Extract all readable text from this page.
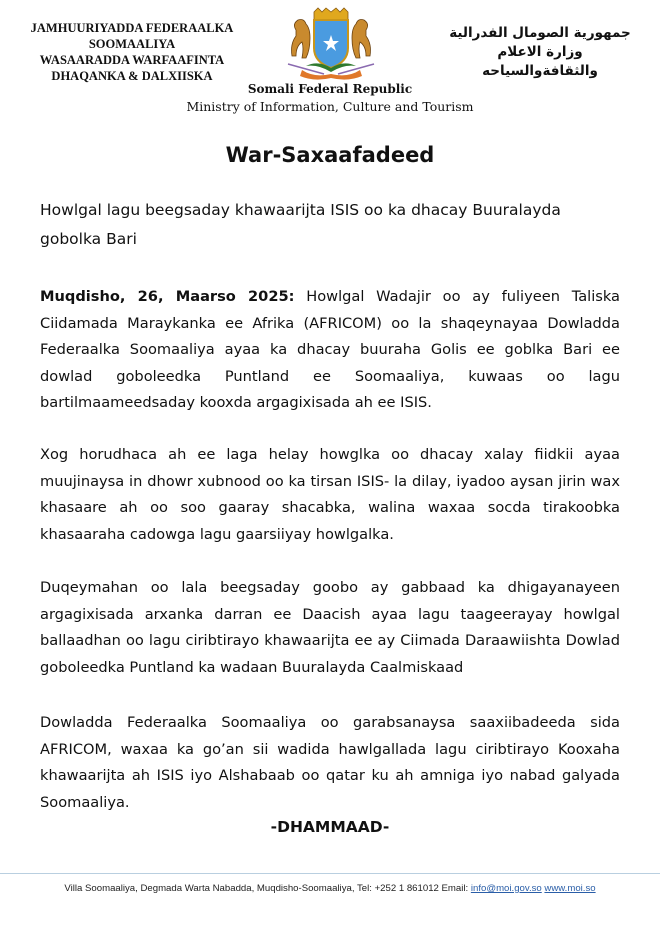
JAMHUURIYADDA FEDERAALKA
SOOMAALIYA
WASAARADDA WARFAAFINTA
DHAQANKA & DALXIISKA
جمهورية الصومال الفدرالية
وزارة الاعلام
والثقافةوالسياحه
Somali Federal Republic
Ministry of Information, Culture and Tourism
War-Saxaafadeed
Howlgal lagu beegsaday khawaarijta ISIS oo ka dhacay Buuralayda gobolka Bari
Muqdisho, 26, Maarso 2025: Howlgal Wadajir oo ay fuliyeen Taliska Ciidamada Maraykanka ee Afrika (AFRICOM) oo la shaqeynayaa Dowladda Federaalka Soomaaliya ayaa ka dhacay buuraha Golis ee goblka Bari ee dowlad goboleedka Puntland ee Soomaaliya, kuwaas oo lagu bartilmaameedsaday kooxda argagixisada ah ee ISIS.
Xog horudhaca ah ee laga helay howglka oo dhacay xalay fiidkii ayaa muujinaysa in dhowr xubnood oo ka tirsan ISIS- la dilay, iyadoo aysan jirin wax khasaare ah oo soo gaaray shacabka, walina waxaa socda tirakoobka khasaaraha cadowga lagu gaarsiiyay howlgalka.
Duqeymahan oo lala beegsaday goobo ay gabbaad ka dhigayanayeen argagixisada arxanka darran ee Daacish ayaa lagu taageerayay howlgal ballaadhan oo lagu ciribtirayo khawaarijta ee ay Ciimada Daraawiishta Dowlad goboleedka Puntland ka wadaan Buuralayda Caalmiskaad
Dowladda Federaalka Soomaaliya oo garabsanaysa saaxiibadeeda sida AFRICOM, waxaa ka go’an sii wadida hawlgallada lagu ciribtirayo Kooxaha khawaarijta ah ISIS iyo Alshabaab oo qatar ku ah amniga iyo nabad galyada Soomaaliya.
-DHAMMAAD-
Villa Soomaaliya, Degmada Warta Nabadda, Muqdisho-Soomaaliya, Tel: +252 1 861012 Email: info@moi.gov.so www.moi.so
